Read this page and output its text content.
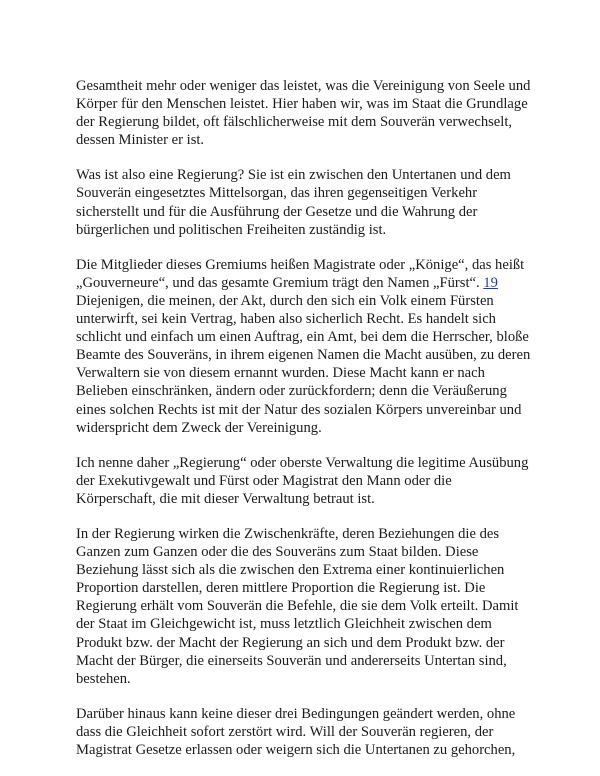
Gesamtheit mehr oder weniger das leistet, was die Vereinigung von Seele und Körper für den Menschen leistet. Hier haben wir, was im Staat die Grundlage der Regierung bildet, oft fälschlicherweise mit dem Souverän verwechselt, dessen Minister er ist.

Was ist also eine Regierung? Sie ist ein zwischen den Untertanen und dem Souverän eingesetztes Mittelsorgan, das ihren gegenseitigen Verkehr sicherstellt und für die Ausführung der Gesetze und die Wahrung der bürgerlichen und politischen Freiheiten zuständig ist.

Die Mitglieder dieses Gremiums heißen Magistrate oder „Könige“, das heißt „Gouverneure“, und das gesamte Gremium trägt den Namen „Fürst“. 19 Diejenigen, die meinen, der Akt, durch den sich ein Volk einem Fürsten unterwirft, sei kein Vertrag, haben also sicherlich Recht. Es handelt sich schlicht und einfach um einen Auftrag, ein Amt, bei dem die Herrscher, bloße Beamte des Souveräns, in ihrem eigenen Namen die Macht ausüben, zu deren Verwaltern sie von diesem ernannt wurden. Diese Macht kann er nach Belieben einschränken, ändern oder zurückfordern; denn die Veräußerung eines solchen Rechts ist mit der Natur des sozialen Körpers unvereinbar und widerspricht dem Zweck der Vereinigung.

Ich nenne daher „Regierung“ oder oberste Verwaltung die legitime Ausübung der Exekutivgewalt und Fürst oder Magistrat den Mann oder die Körperschaft, die mit dieser Verwaltung betraut ist.

In der Regierung wirken die Zwischenkräfte, deren Beziehungen die des Ganzen zum Ganzen oder die des Souveräns zum Staat bilden. Diese Beziehung lässt sich als die zwischen den Extrema einer kontinuierlichen Proportion darstellen, deren mittlere Proportion die Regierung ist. Die Regierung erhält vom Souverän die Befehle, die sie dem Volk erteilt. Damit der Staat im Gleichgewicht ist, muss letztlich Gleichheit zwischen dem Produkt bzw. der Macht der Regierung an sich und dem Produkt bzw. der Macht der Bürger, die einerseits Souverän und andererseits Untertan sind, bestehen.

Darüber hinaus kann keine dieser drei Bedingungen geändert werden, ohne dass die Gleichheit sofort zerstört wird. Will der Souverän regieren, der Magistrat Gesetze erlassen oder weigern sich die Untertanen zu gehorchen,
